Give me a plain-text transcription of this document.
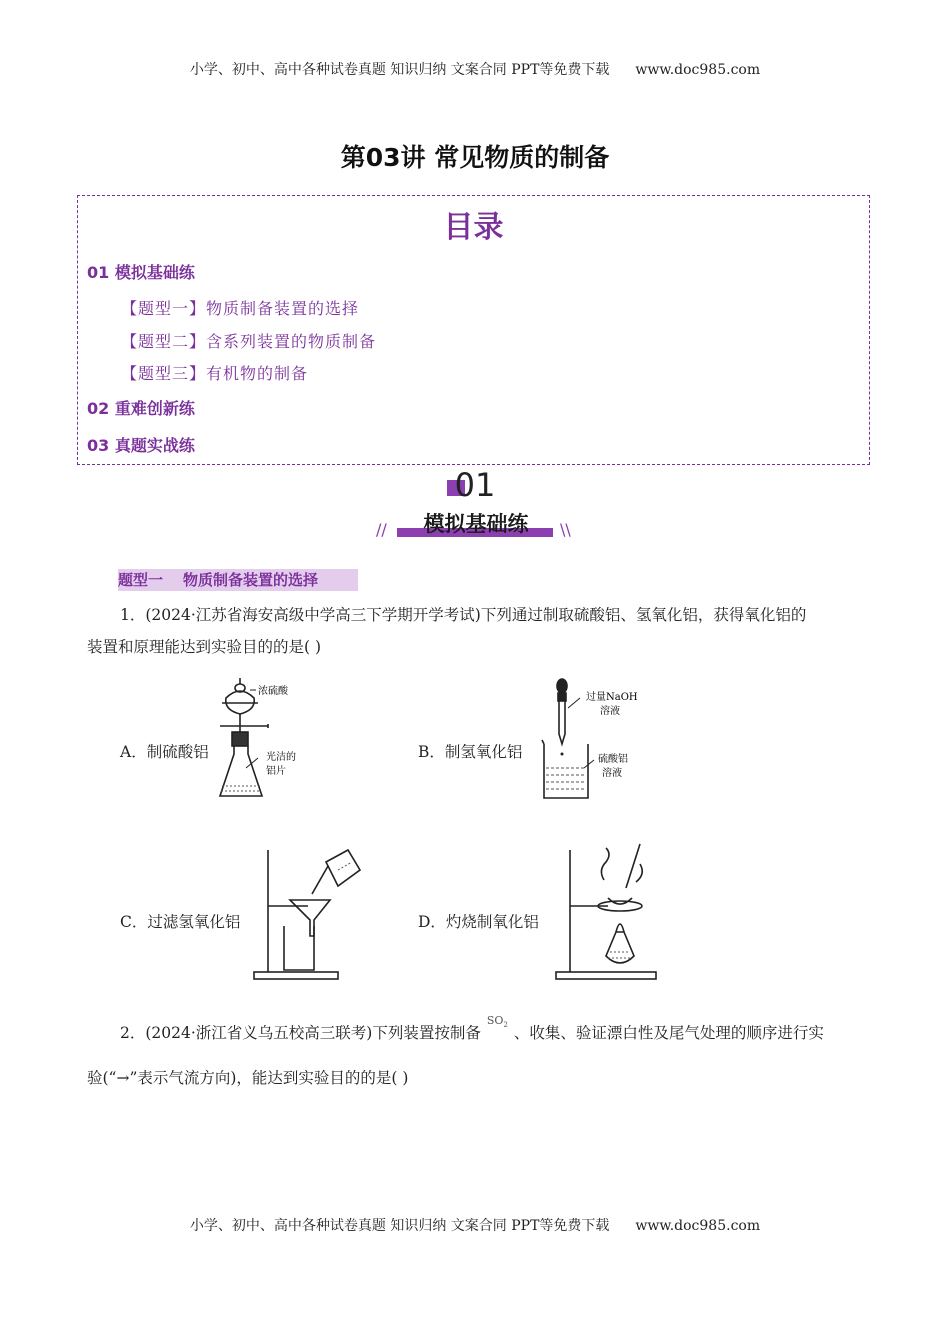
小学、初中、高中各种试卷真题 知识归纳 文案合同 PPT等免费下载 www.doc985.com
第03讲 常见物质的制备
目录
01 模拟基础练
【题型一】物质制备装置的选择
【题型二】含系列装置的物质制备
【题型三】有机物的制备
02 重难创新练
03 真题实战练
01
//	模拟基础练	\\
题型一 物质制备装置的选择
1．(2024·江苏省海安高级中学高三下学期开学考试)下列通过制取硫酸铝、氢氧化铝，获得氧化铝的
装置和原理能达到实验目的的是( )
A．制硫酸铝	B．制氢氧化铝
C．过滤氢氧化铝	D．灼烧制氧化铝
浓硫酸
光洁的
铝片
过量NaOH
溶液
硫酸铝
溶液
2．(2024·浙江省义乌五校高三联考)下列装置按制备$^{SO_2}$ 、收集、验证漂白性及尾气处理的顺序进行实
验(“→”表示气流方向)，能达到实验目的的是( )
小学、初中、高中各种试卷真题 知识归纳 文案合同 PPT等免费下载 www.doc985.com
